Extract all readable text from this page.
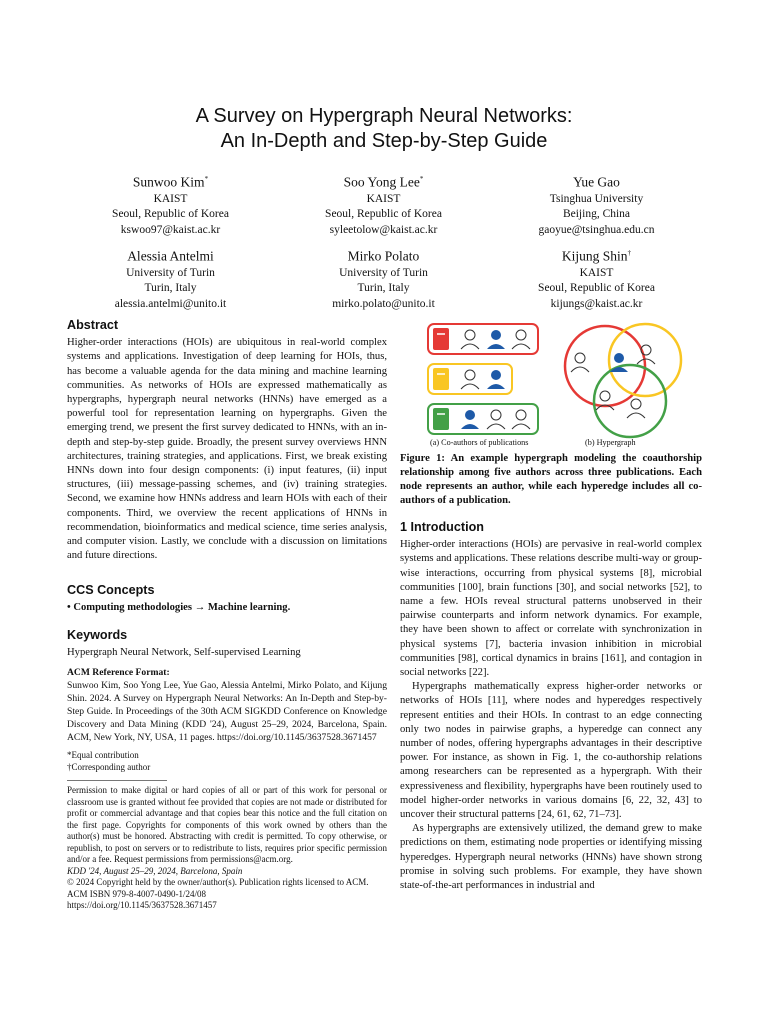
A Survey on Hypergraph Neural Networks:
An In-Depth and Step-by-Step Guide
Sunwoo Kim*
KAIST
Seoul, Republic of Korea
kswoo97@kaist.ac.kr
Soo Yong Lee*
KAIST
Seoul, Republic of Korea
syleetolow@kaist.ac.kr
Yue Gao
Tsinghua University
Beijing, China
gaoyue@tsinghua.edu.cn
Alessia Antelmi
University of Turin
Turin, Italy
alessia.antelmi@unito.it
Mirko Polato
University of Turin
Turin, Italy
mirko.polato@unito.it
Kijung Shin†
KAIST
Seoul, Republic of Korea
kijungs@kaist.ac.kr
Abstract

Higher-order interactions (HOIs) are ubiquitous in real-world complex systems and applications. Investigation of deep learning for HOIs, thus, has become a valuable agenda for the data mining and machine learning communities. As networks of HOIs are expressed mathematically as hypergraphs, hypergraph neural networks (HNNs) have emerged as a powerful tool for representation learning on hypergraphs. Given the emerging trend, we present the first survey dedicated to HNNs, with an in-depth and step-by-step guide. Broadly, the present survey overviews HNN architectures, training strategies, and applications. First, we break existing HNNs down into four design components: (i) input features, (ii) input structures, (iii) message-passing schemes, and (iv) training strategies. Second, we examine how HNNs address and learn HOIs with each of their components. Third, we overview the recent applications of HNNs in recommendation, bioinformatics and medical science, time series analysis, and computer vision. Lastly, we conclude with a discussion on limitations and future directions.

CCS Concepts

• Computing methodologies → Machine learning.

Keywords

Hypergraph Neural Network, Self-supervised Learning

ACM Reference Format:

Sunwoo Kim, Soo Yong Lee, Yue Gao, Alessia Antelmi, Mirko Polato, and Kijung Shin. 2024. A Survey on Hypergraph Neural Networks: An In-Depth and Step-by-Step Guide. In Proceedings of the 30th ACM SIGKDD Conference on Knowledge Discovery and Data Mining (KDD '24), August 25–29, 2024, Barcelona, Spain. ACM, New York, NY, USA, 11 pages. https://doi.org/10.1145/3637528.3671457

*Equal contribution
†Corresponding author

Permission to make digital or hard copies of all or part of this work for personal or classroom use is granted without fee provided that copies are not made or distributed for profit or commercial advantage and that copies bear this notice and the full citation on the first page. Copyrights for components of this work owned by others than the author(s) must be honored. Abstracting with credit is permitted. To copy otherwise, or republish, to post on servers or to redistribute to lists, requires prior specific permission and/or a fee. Request permissions from permissions@acm.org.

KDD '24, August 25–29, 2024, Barcelona, Spain
© 2024 Copyright held by the owner/author(s). Publication rights licensed to ACM.
ACM ISBN 979-8-4007-0490-1/24/08
https://doi.org/10.1145/3637528.3671457
(a) Co-authors of publications	(b) Hypergraph

Figure 1: An example hypergraph modeling the coauthorship relationship among five authors across three publications. Each node represents an author, while each hyperedge includes all co-authors of a publication.

1 Introduction

Higher-order interactions (HOIs) are pervasive in real-world complex systems and applications. These relations describe multi-way or group-wise interactions, occurring from physical systems [8], microbial communities [100], brain functions [30], and social networks [52], to name a few. HOIs reveal structural patterns unobserved in their pairwise counterparts and inform network dynamics. For example, they have been shown to affect or correlate with synchronization in physical systems [7], bacteria invasion inhibition in microbial communities [98], cortical dynamics in brains [161], and contagion in social networks [22].

Hypergraphs mathematically express higher-order networks or networks of HOIs [11], where nodes and hyperedges respectively represent entities and their HOIs. In contrast to an edge connecting only two nodes in pairwise graphs, a hyperedge can connect any number of nodes, offering hypergraphs advantages in their descriptive power. For instance, as shown in Fig. 1, the co-authorship relations among researchers can be represented as a hypergraph. With their expressiveness and flexibility, hypergraphs have been routinely used to model higher-order networks in various domains [6, 22, 32, 43] to uncover their structural patterns [24, 61, 62, 71–73].

As hypergraphs are extensively utilized, the demand grew to make predictions on them, estimating node properties or identifying missing hyperedges. Hypergraph neural networks (HNNs) have shown strong promise in solving such problems. For example, they have shown state-of-the-art performances in industrial and
